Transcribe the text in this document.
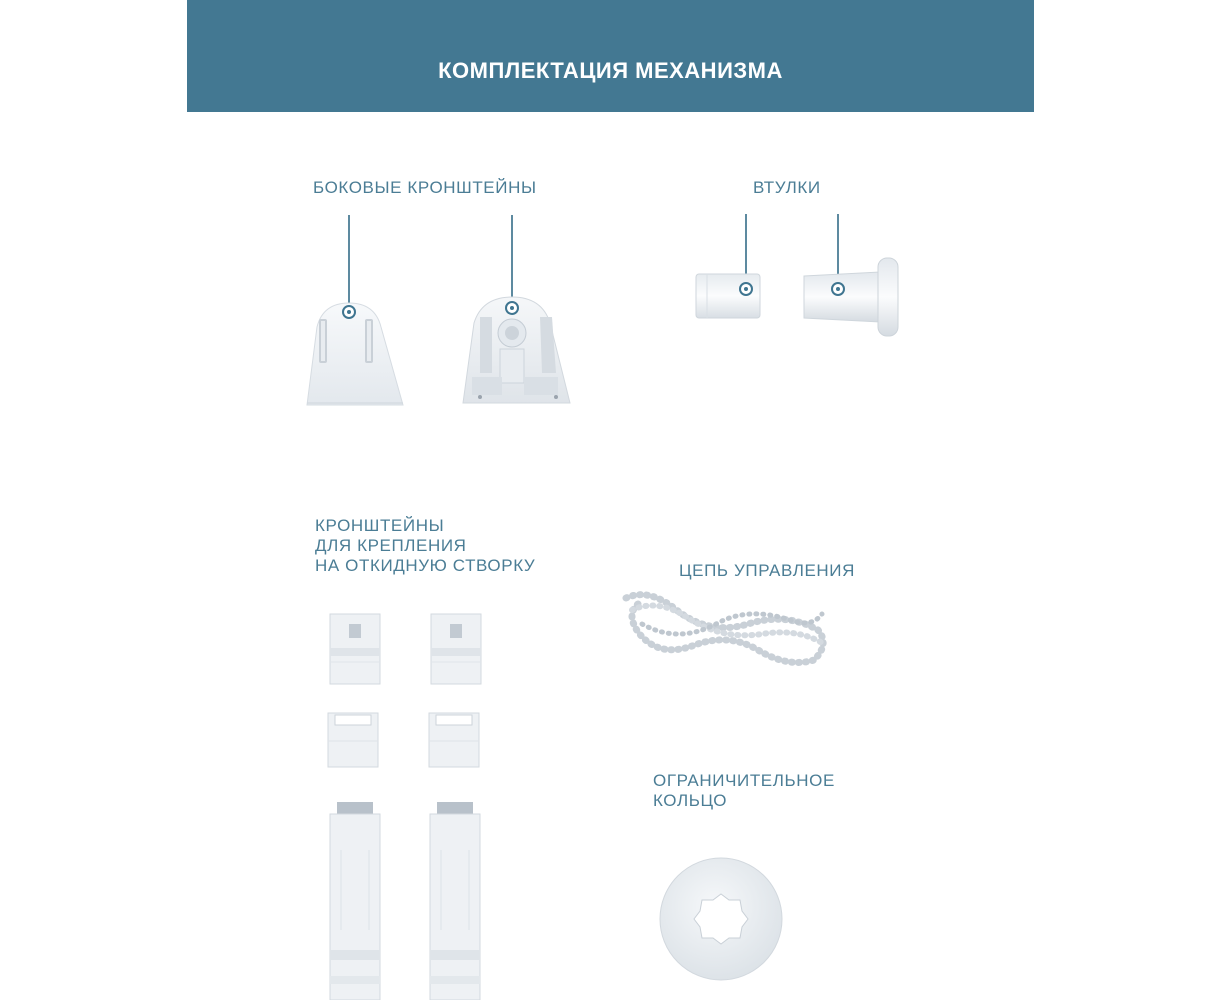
КОМПЛЕКТАЦИЯ МЕХАНИЗМА
БОКОВЫЕ КРОНШТЕЙНЫ	ВТУЛКИ
КРОНШТЕЙНЫ
ДЛЯ КРЕПЛЕНИЯ
НА ОТКИДНУЮ СТВОРКУ	ЦЕПЬ УПРАВЛЕНИЯ
ОГРАНИЧИТЕЛЬНОЕ
КОЛЬЦО
